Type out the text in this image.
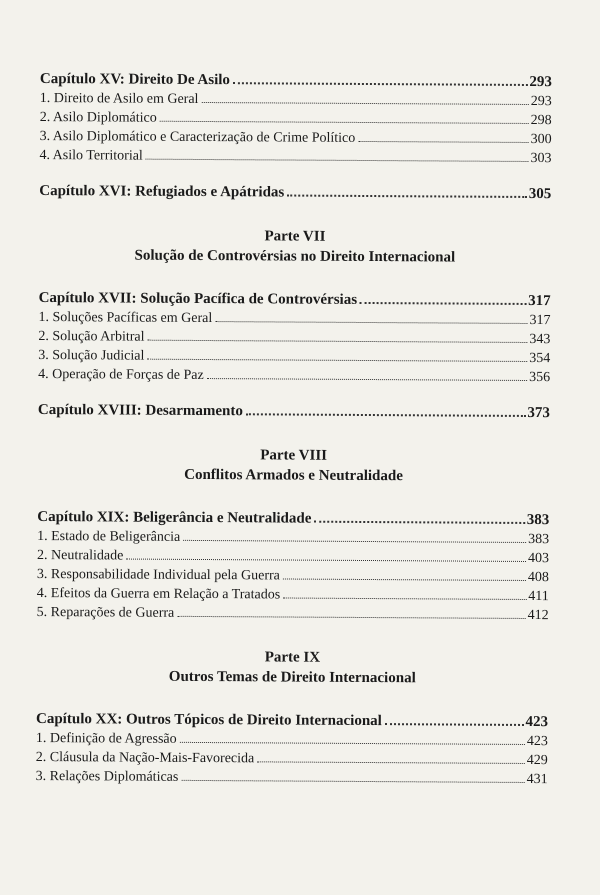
Capítulo XV: Direito De Asilo	293
1. Direito de Asilo em Geral	293
2. Asilo Diplomático	298
3. Asilo Diplomático e Caracterização de Crime Político	300
4. Asilo Territorial	303
Capítulo XVI: Refugiados e Apátridas	305
Parte VII
Solução de Controvérsias no Direito Internacional
Capítulo XVII: Solução Pacífica de Controvérsias	317
1. Soluções Pacíficas em Geral	317
2. Solução Arbitral	343
3. Solução Judicial	354
4. Operação de Forças de Paz	356
Capítulo XVIII: Desarmamento	373
Parte VIII
Conflitos Armados e Neutralidade
Capítulo XIX: Beligerância e Neutralidade	383
1. Estado de Beligerância	383
2. Neutralidade	403
3. Responsabilidade Individual pela Guerra	408
4. Efeitos da Guerra em Relação a Tratados	411
5. Reparações de Guerra	412
Parte IX
Outros Temas de Direito Internacional
Capítulo XX: Outros Tópicos de Direito Internacional	423
1. Definição de Agressão	423
2. Cláusula da Nação-Mais-Favorecida	429
3. Relações Diplomáticas	431
